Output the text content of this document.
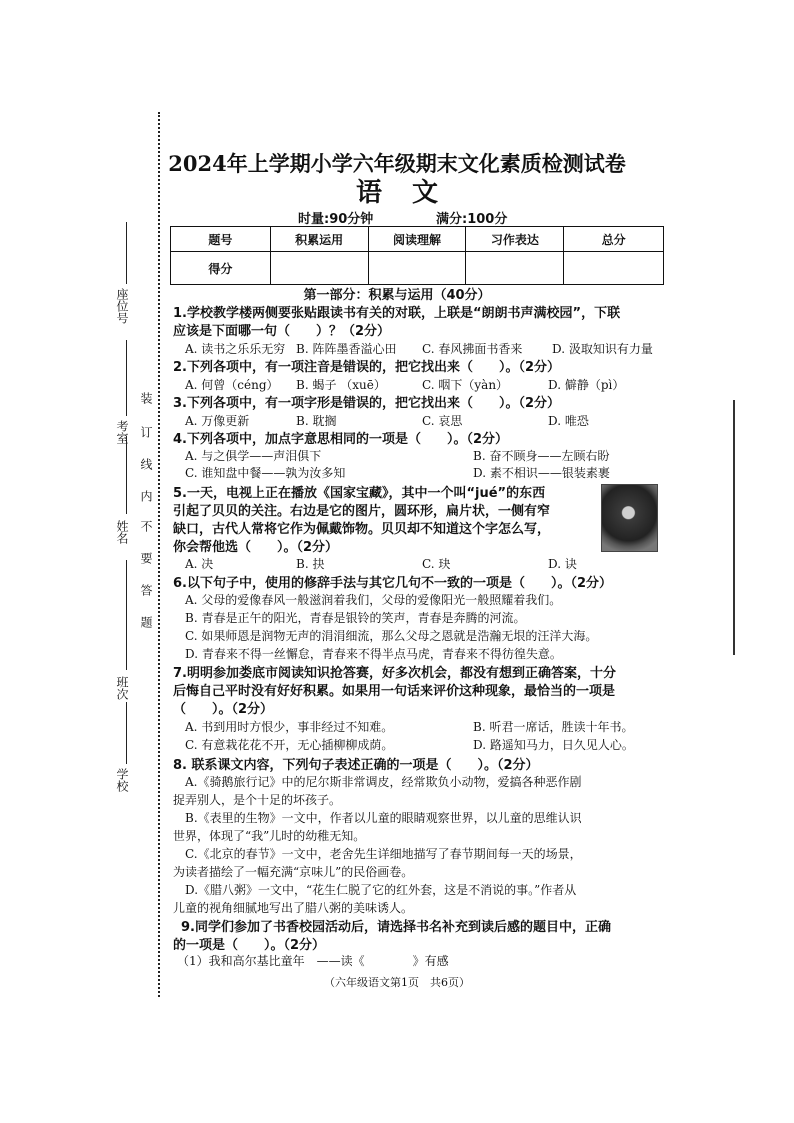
座位号
考室
姓名
班次
学校
装
订
线
内
不
要
答
题
2024年上学期小学六年级期末文化素质检测试卷
语文
时量:90分钟	满分:100分
题号	积累运用	阅读理解	习作表达	总分
得分				
第一部分：积累与运用（40分）
1.学校教学楼两侧要张贴跟读书有关的对联，上联是“朗朗书声满校园”，下联
应该是下面哪一句（　　）？（2分）
A. 读书之乐乐无穷 B. 阵阵墨香溢心田 C. 春风拂面书香来 D. 汲取知识有力量
2.下列各项中，有一项注音是错误的，把它找出来（　　）。（2分）
A. 何曾（céng） B. 蝎子 （xuē）	C. 咽下（yàn）	D. 僻静（pì）
3.下列各项中，有一项字形是错误的，把它找出来（　　）。（2分）
A. 万像更新	B. 耽搁	C. 哀思	D. 唯恐
4.下列各项中，加点字意思相同的一项是（　　）。（2分）
A. 与之俱学——声泪俱下	B. 奋不顾身——左顾右盼
C. 谁知盘中餐——孰为汝多知	D. 素不相识——银装素裹
5.一天，电视上正在播放《国家宝藏》，其中一个叫“jué”的东西
引起了贝贝的关注。右边是它的图片，圆环形，扁片状，一侧有窄
缺口，古代人常将它作为佩戴饰物。贝贝却不知道这个字怎么写，
你会帮他选（　　）。（2分）
A. 决	B. 抉	C. 玦	D. 诀
6.以下句子中，使用的修辞手法与其它几句不一致的一项是（　　）。（2分）
A. 父母的爱像春风一般滋润着我们，父母的爱像阳光一般照耀着我们。
B. 青春是正午的阳光，青春是银铃的笑声，青春是奔腾的河流。
C. 如果师恩是润物无声的涓涓细流，那么父母之恩就是浩瀚无垠的汪洋大海。
D. 青春来不得一丝懈怠，青春来不得半点马虎，青春来不得彷徨失意。
7.明明参加娄底市阅读知识抢答赛，好多次机会，都没有想到正确答案，十分
后悔自己平时没有好好积累。如果用一句话来评价这种现象，最恰当的一项是
（　　）。（2分）
A. 书到用时方恨少，事非经过不知难。	B. 听君一席话，胜读十年书。
C. 有意栽花花不开，无心插柳柳成荫。	D. 路遥知马力，日久见人心。
8. 联系课文内容，下列句子表述正确的一项是（　　）。（2分）
A.《骑鹅旅行记》中的尼尔斯非常调皮，经常欺负小动物，爱搞各种恶作剧
捉弄别人，是个十足的坏孩子。
B.《表里的生物》一文中，作者以儿童的眼睛观察世界，以儿童的思维认识
世界，体现了“我”儿时的幼稚无知。
C.《北京的春节》一文中，老舍先生详细地描写了春节期间每一天的场景，
为读者描绘了一幅充满“京味儿”的民俗画卷。
D.《腊八粥》一文中，“花生仁脱了它的红外套，这是不消说的事。”作者从
儿童的视角细腻地写出了腊八粥的美味诱人。
9.同学们参加了书香校园活动后，请选择书名补充到读后感的题目中，正确
的一项是（　　）。（2分）
（1）我和高尔基比童年　——读《　　　　》有感
（六年级语文第1页　共6页）
